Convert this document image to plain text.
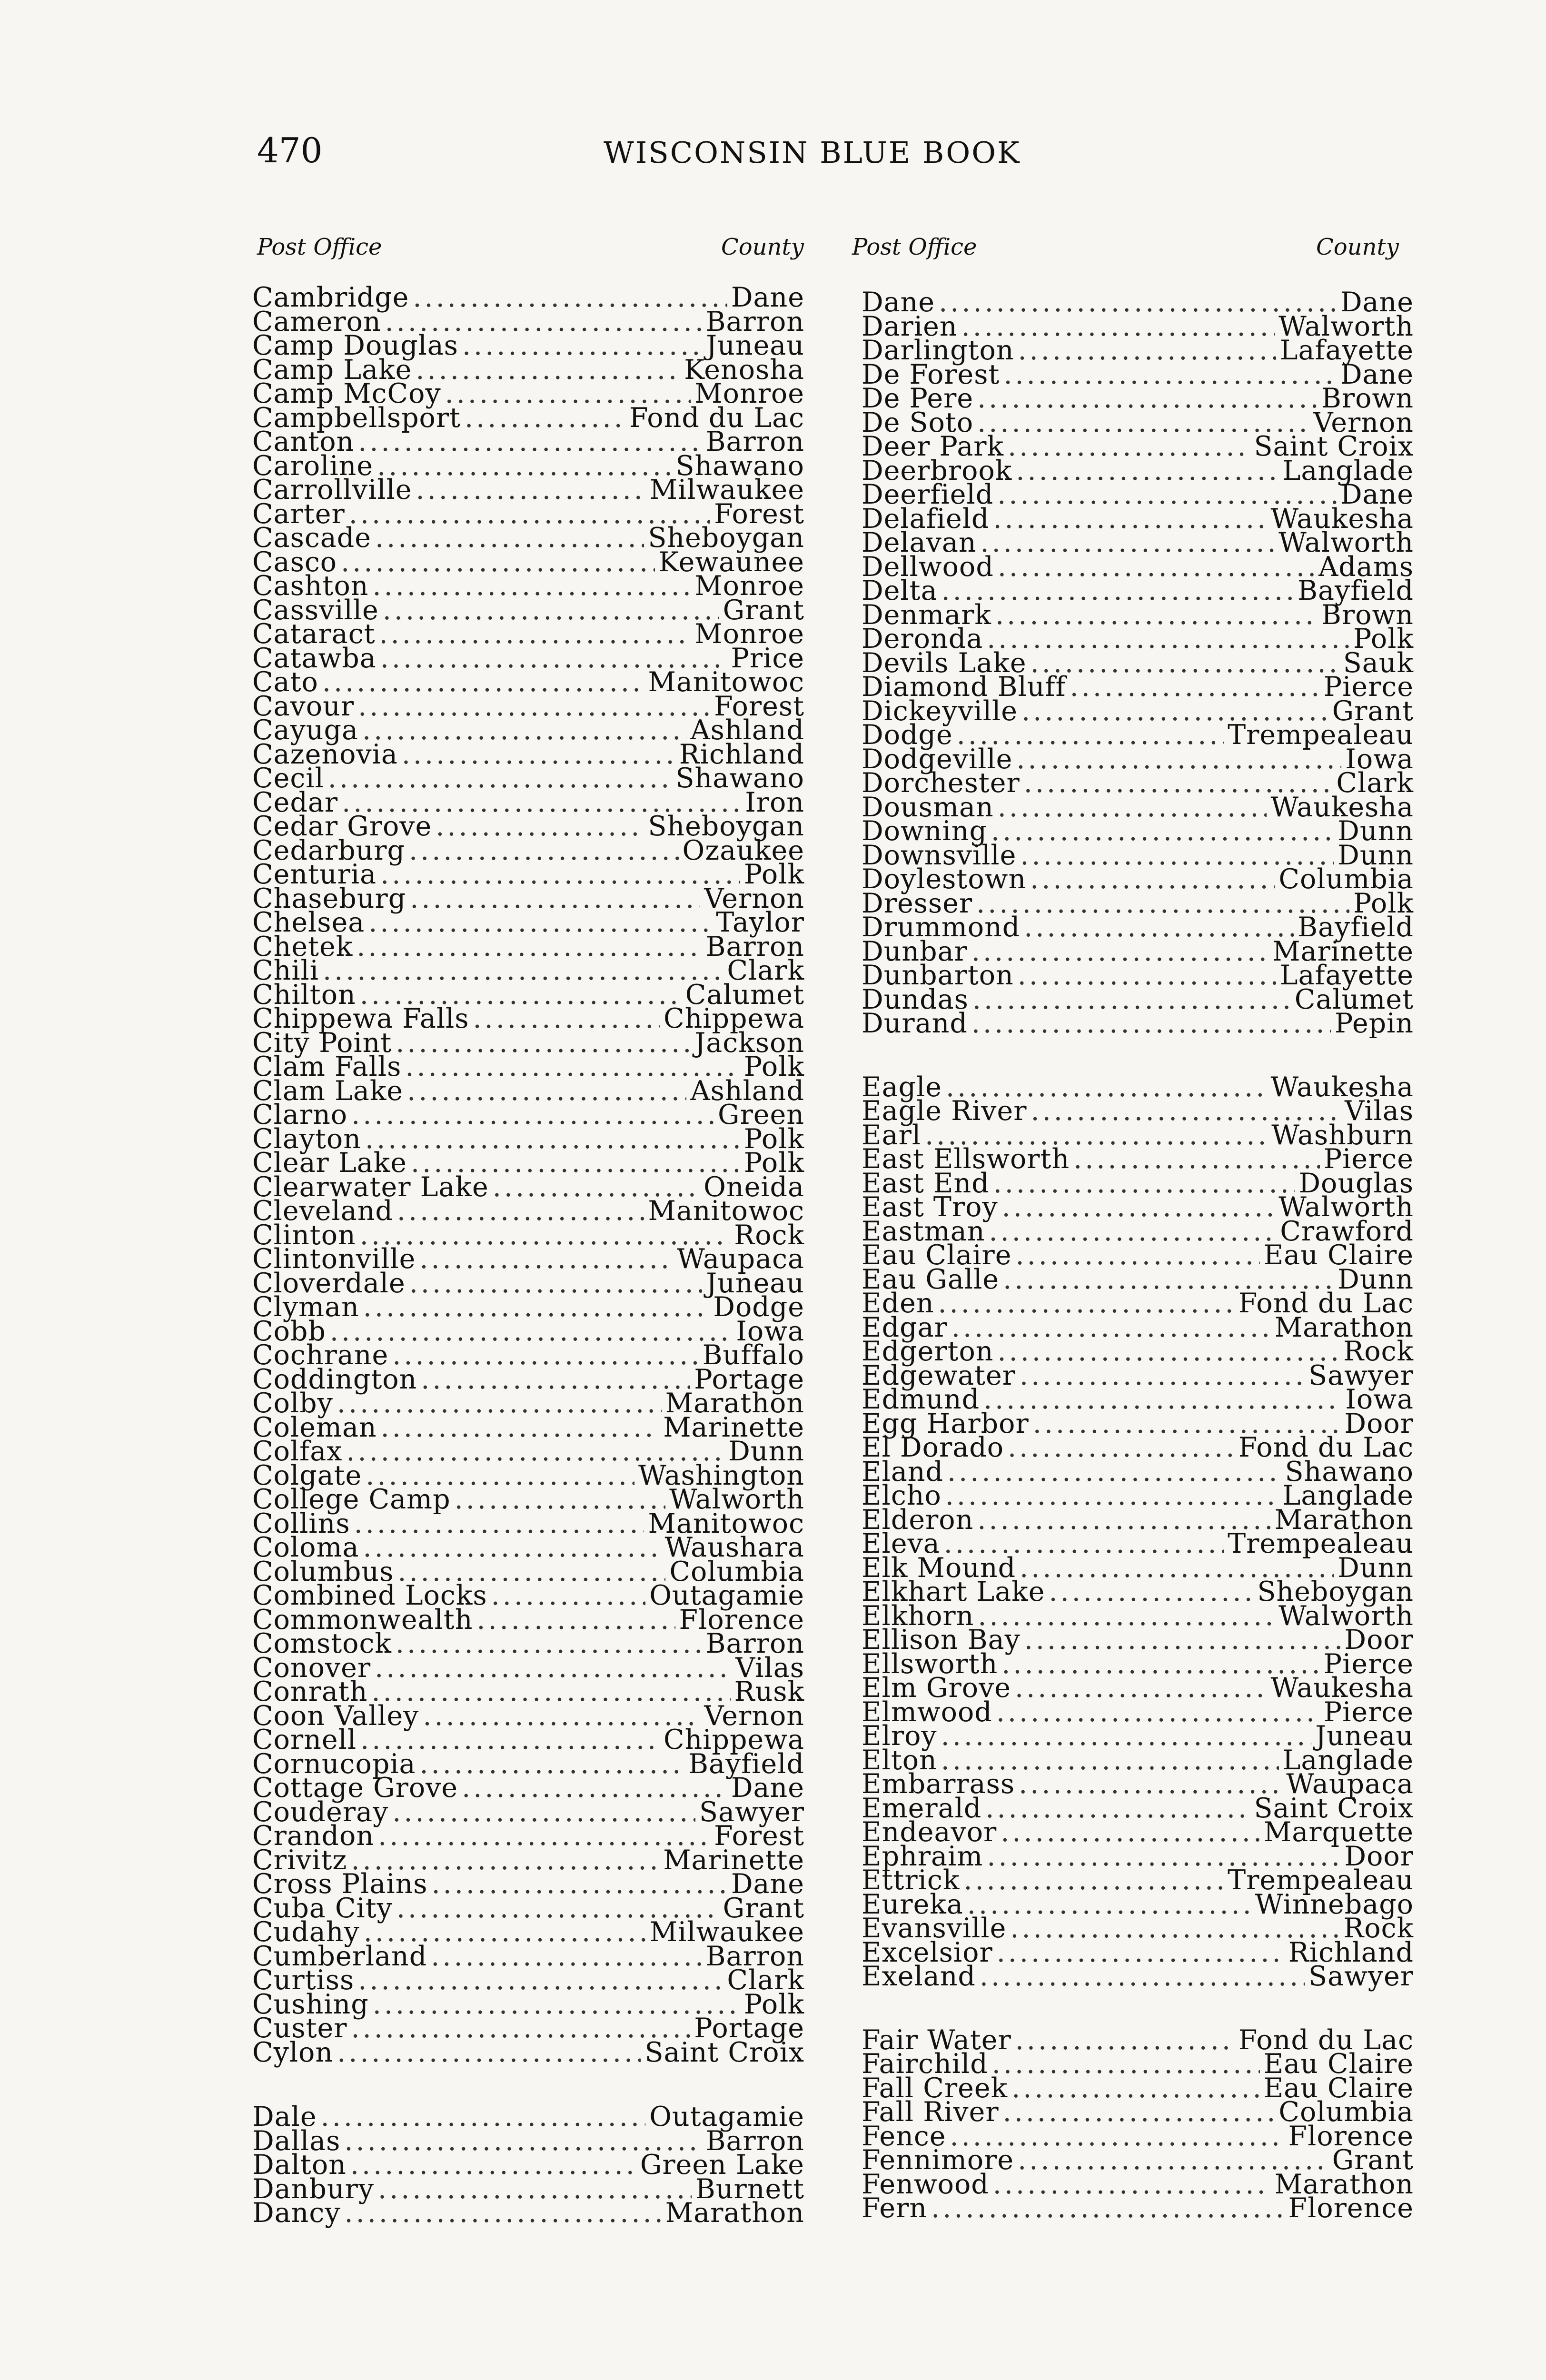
470	WISCONSIN BLUE BOOK
Post Office	County Post Office	County
Cambridge .....	Dane
Cameron .....	Barron
Camp Douglas .....	Juneau
Camp Lake .....	Kenosha
Camp McCoy .....	Monroe
Campbellsport .....	Fond du Lac
Canton .....	Barron
Caroline .....	Shawano
Carrollville .....	Milwaukee
Carter .....	Forest
Cascade .....	Sheboygan
Casco .....	Kewaunee
Cashton .....	Monroe
Cassville .....	Grant
Cataract .....	Monroe
Catawba .....	Price
Cato .....	Manitowoc
Cavour .....	Forest
Cayuga .....	Ashland
Cazenovia .....	Richland
Cecil .....	Shawano
Cedar .....	Iron
Cedar Grove .....	Sheboygan
Cedarburg .....	Ozaukee
Centuria .....	Polk
Chaseburg .....	Vernon
Chelsea .....	Taylor
Chetek .....	Barron
Chili .....	Clark
Chilton .....	Calumet
Chippewa Falls .....	Chippewa
City Point .....	Jackson
Clam Falls .....	Polk
Clam Lake .....	Ashland
Clarno .....	Green
Clayton .....	Polk
Clear Lake .....	Polk
Clearwater Lake .....	Oneida
Cleveland .....	Manitowoc
Clinton .....	Rock
Clintonville .....	Waupaca
Cloverdale .....	Juneau
Clyman .....	Dodge
Cobb .....	Iowa
Cochrane .....	Buffalo
Coddington .....	Portage
Colby .....	Marathon
Coleman .....	Marinette
Colfax .....	Dunn
Colgate .....	Washington
College Camp .....	Walworth
Collins .....	Manitowoc
Coloma .....	Waushara
Columbus .....	Columbia
Combined Locks .....	Outagamie
Commonwealth .....	Florence
Comstock .....	Barron
Conover .....	Vilas
Conrath .....	Rusk
Coon Valley .....	Vernon
Cornell .....	Chippewa
Cornucopia .....	Bayfield
Cottage Grove .....	Dane
Couderay .....	Sawyer
Crandon .....	Forest
Crivitz .....	Marinette
Cross Plains .....	Dane
Cuba City .....	Grant
Cudahy .....	Milwaukee
Cumberland .....	Barron
Curtiss .....	Clark
Cushing .....	Polk
Custer .....	Portage
Cylon .....	Saint Croix
Dale .....	Outagamie
Dallas .....	Barron
Dalton .....	Green Lake
Danbury .....	Burnett
Dancy .....	Marathon
Dane .....	Dane
Darien .....	Walworth
Darlington .....	Lafayette
De Forest .....	Dane
De Pere .....	Brown
De Soto .....	Vernon
Deer Park .....	Saint Croix
Deerbrook .....	Langlade
Deerfield .....	Dane
Delafield .....	Waukesha
Delavan .....	Walworth
Dellwood .....	Adams
Delta .....	Bayfield
Denmark .....	Brown
Deronda .....	Polk
Devils Lake .....	Sauk
Diamond Bluff .....	Pierce
Dickeyville .....	Grant
Dodge .....	Trempealeau
Dodgeville .....	Iowa
Dorchester .....	Clark
Dousman .....	Waukesha
Downing .....	Dunn
Downsville .....	Dunn
Doylestown .....	Columbia
Dresser .....	Polk
Drummond .....	Bayfield
Dunbar .....	Marinette
Dunbarton .....	Lafayette
Dundas .....	Calumet
Durand .....	Pepin
Eagle .....	Waukesha
Eagle River .....	Vilas
Earl .....	Washburn
East Ellsworth .....	Pierce
East End .....	Douglas
East Troy .....	Walworth
Eastman .....	Crawford
Eau Claire .....	Eau Claire
Eau Galle .....	Dunn
Eden .....	Fond du Lac
Edgar .....	Marathon
Edgerton .....	Rock
Edgewater .....	Sawyer
Edmund .....	Iowa
Egg Harbor .....	Door
El Dorado .....	Fond du Lac
Eland .....	Shawano
Elcho .....	Langlade
Elderon .....	Marathon
Eleva .....	Trempealeau
Elk Mound .....	Dunn
Elkhart Lake .....	Sheboygan
Elkhorn .....	Walworth
Ellison Bay .....	Door
Ellsworth .....	Pierce
Elm Grove .....	Waukesha
Elmwood .....	Pierce
Elroy .....	Juneau
Elton .....	Langlade
Embarrass .....	Waupaca
Emerald .....	Saint Croix
Endeavor .....	Marquette
Ephraim .....	Door
Ettrick .....	Trempealeau
Eureka .....	Winnebago
Evansville .....	Rock
Excelsior .....	Richland
Exeland .....	Sawyer
Fair Water .....	Fond du Lac
Fairchild .....	Eau Claire
Fall Creek .....	Eau Claire
Fall River .....	Columbia
Fence .....	Florence
Fennimore .....	Grant
Fenwood .....	Marathon
Fern .....	Florence
